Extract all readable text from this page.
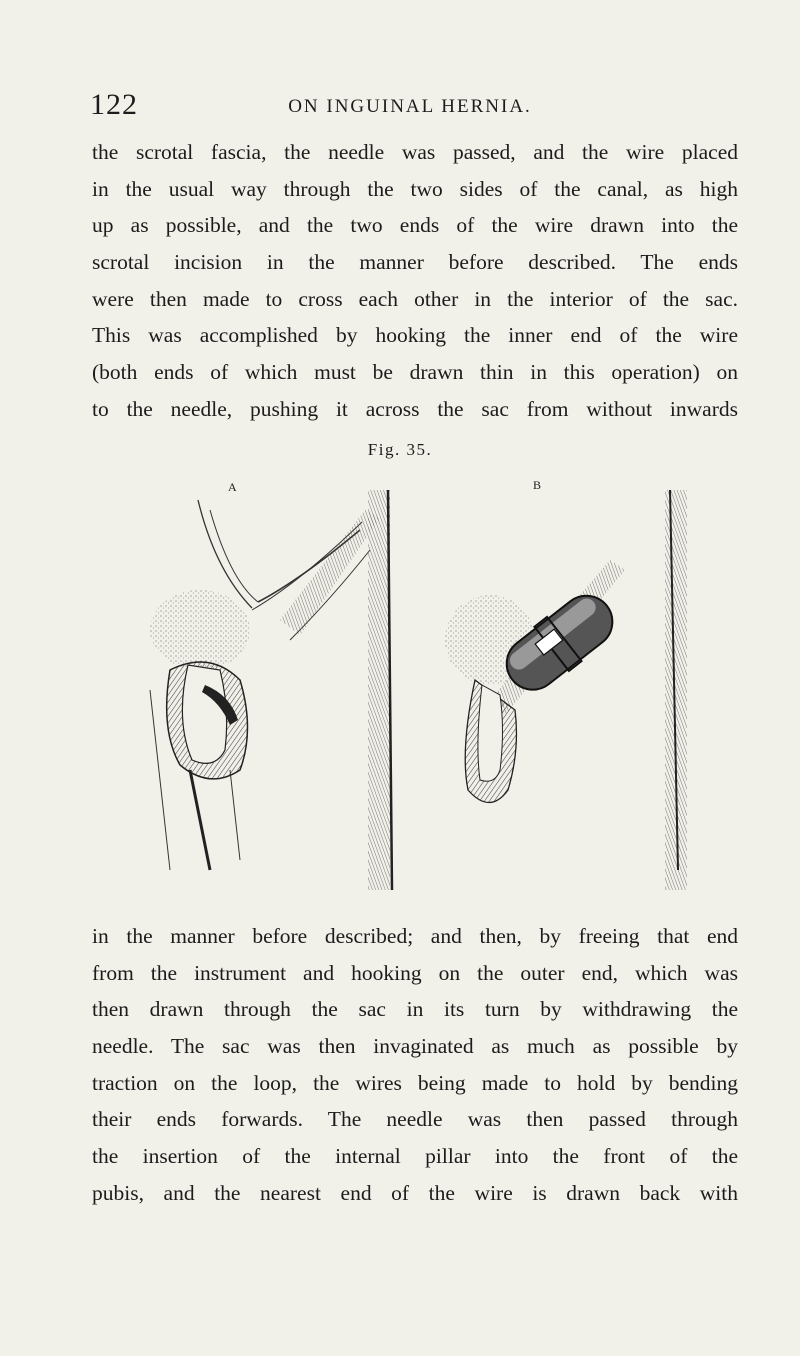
122	ON INGUINAL HERNIA.
the scrotal fascia, the needle was passed, and the wire placed
in the usual way through the two sides of the canal, as high
up as possible, and the two ends of the wire drawn into the
scrotal incision in the manner before described. The ends
were then made to cross each other in the interior of the sac.
This was accomplished by hooking the inner end of the wire
(both ends of which must be drawn thin in this operation) on
to the needle, pushing it across the sac from without inwards
Fig. 35.
A	B
in the manner before described; and then, by freeing that end
from the instrument and hooking on the outer end, which was
then drawn through the sac in its turn by withdrawing the
needle. The sac was then invaginated as much as possible by
traction on the loop, the wires being made to hold by bending
their ends forwards. The needle was then passed through
the insertion of the internal pillar into the front of the
pubis, and the nearest end of the wire is drawn back with
